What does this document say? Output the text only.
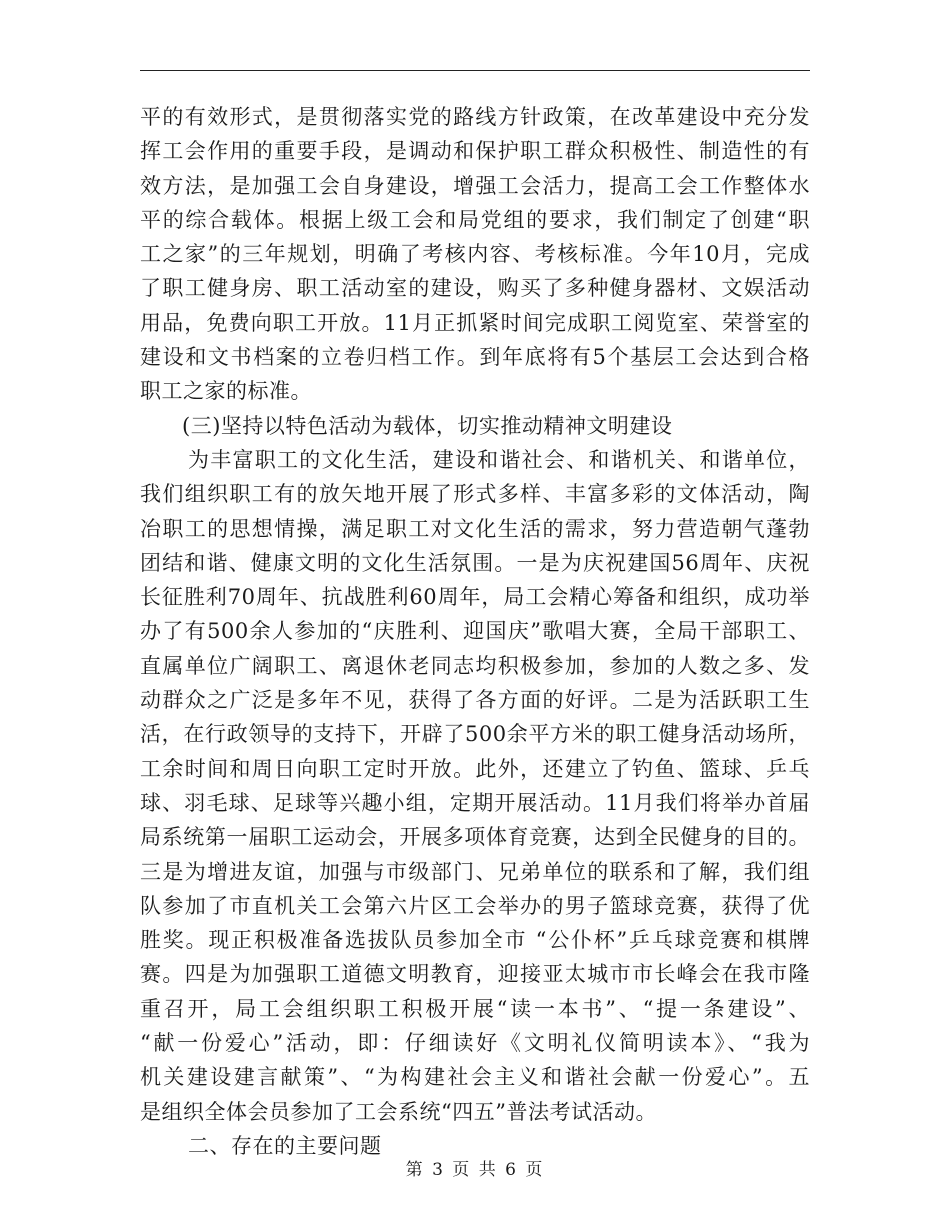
平的有效形式，是贯彻落实党的路线方针政策，在改革建设中充分发
挥工会作用的重要手段，是调动和保护职工群众积极性、制造性的有
效方法，是加强工会自身建设，增强工会活力，提高工会工作整体水
平的综合载体。根据上级工会和局党组的要求，我们制定了创建“职
工之家”的三年规划，明确了考核内容、考核标准。今年10月，完成
了职工健身房、职工活动室的建设，购买了多种健身器材、文娱活动
用品，免费向职工开放。11月正抓紧时间完成职工阅览室、荣誉室的
建设和文书档案的立卷归档工作。到年底将有5个基层工会达到合格
职工之家的标准。
(三)坚持以特色活动为载体，切实推动精神文明建设
为丰富职工的文化生活，建设和谐社会、和谐机关、和谐单位，
我们组织职工有的放矢地开展了形式多样、丰富多彩的文体活动，陶
冶职工的思想情操，满足职工对文化生活的需求，努力营造朝气蓬勃
团结和谐、健康文明的文化生活氛围。一是为庆祝建国56周年、庆祝
长征胜利70周年、抗战胜利60周年，局工会精心筹备和组织，成功举
办了有500余人参加的“庆胜利、迎国庆”歌唱大赛，全局干部职工、
直属单位广阔职工、离退休老同志均积极参加，参加的人数之多、发
动群众之广泛是多年不见，获得了各方面的好评。二是为活跃职工生
活，在行政领导的支持下，开辟了500余平方米的职工健身活动场所，
工余时间和周日向职工定时开放。此外，还建立了钓鱼、篮球、乒乓
球、羽毛球、足球等兴趣小组，定期开展活动。11月我们将举办首届
局系统第一届职工运动会，开展多项体育竞赛，达到全民健身的目的。
三是为增进友谊，加强与市级部门、兄弟单位的联系和了解，我们组
队参加了市直机关工会第六片区工会举办的男子篮球竞赛，获得了优
胜奖。现正积极准备选拔队员参加全市 “公仆杯”乒乓球竞赛和棋牌
赛。四是为加强职工道德文明教育，迎接亚太城市市长峰会在我市隆
重召开，局工会组织职工积极开展“读一本书”、“提一条建设”、
“献一份爱心”活动，即：仔细读好《文明礼仪简明读本》、“我为
机关建设建言献策”、“为构建社会主义和谐社会献一份爱心”。五
是组织全体会员参加了工会系统“四五”普法考试活动。
二、存在的主要问题
第 3 页 共 6 页
